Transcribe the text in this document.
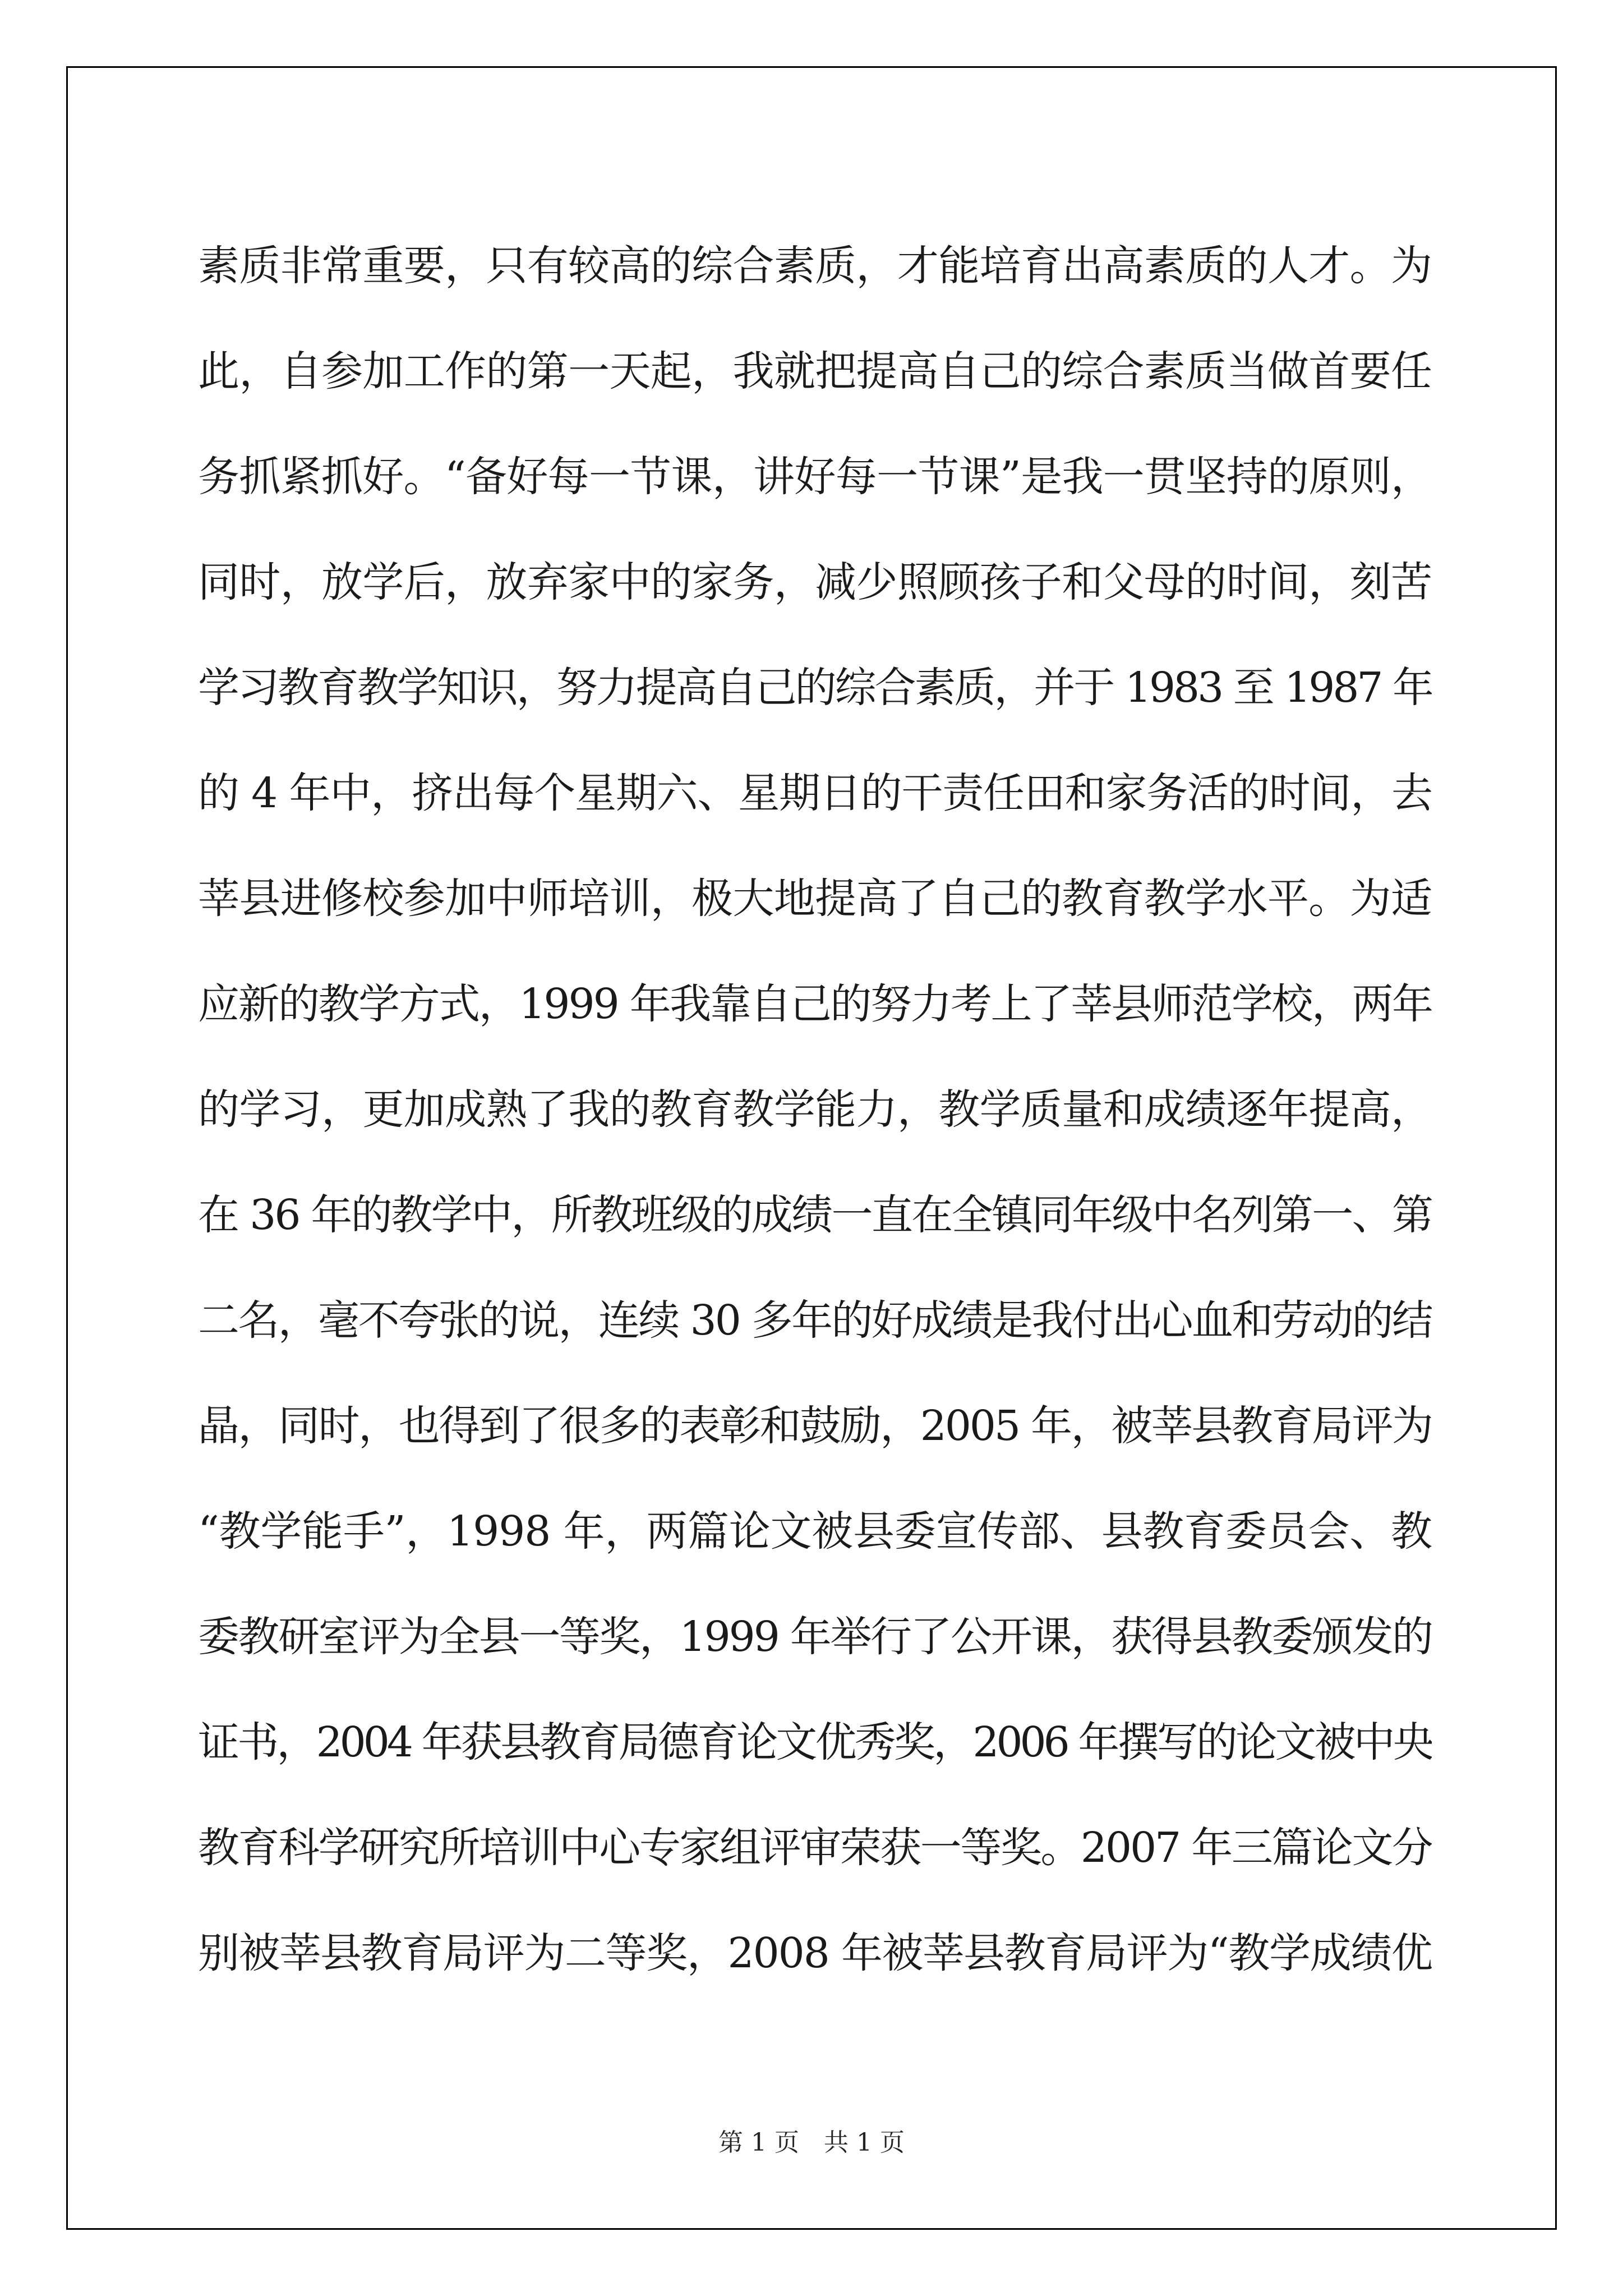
素质非常重要，只有较高的综合素质，才能培育出高素质的人才。为
此，自参加工作的第一天起，我就把提高自己的综合素质当做首要任
务抓紧抓好。“备好每一节课，讲好每一节课”是我一贯坚持的原则，
同时，放学后，放弃家中的家务，减少照顾孩子和父母的时间，刻苦
学习教育教学知识，努力提高自己的综合素质，并于 1983 至 1987 年
的 4 年中，挤出每个星期六、星期日的干责任田和家务活的时间，去
莘县进修校参加中师培训，极大地提高了自己的教育教学水平。为适
应新的教学方式，1999 年我靠自己的努力考上了莘县师范学校，两年
的学习，更加成熟了我的教育教学能力，教学质量和成绩逐年提高，
在 36 年的教学中，所教班级的成绩一直在全镇同年级中名列第一、第
二名，毫不夸张的说，连续 30 多年的好成绩是我付出心血和劳动的结
晶，同时，也得到了很多的表彰和鼓励，2005 年，被莘县教育局评为
“教学能手”，1998 年，两篇论文被县委宣传部、县教育委员会、教
委教研室评为全县一等奖，1999 年举行了公开课，获得县教委颁发的
证书，2004 年获县教育局德育论文优秀奖，2006 年撰写的论文被中央
教育科学研究所培训中心专家组评审荣获一等奖。2007 年三篇论文分
别被莘县教育局评为二等奖，2008 年被莘县教育局评为“教学成绩优
第 1 页　共 1 页
